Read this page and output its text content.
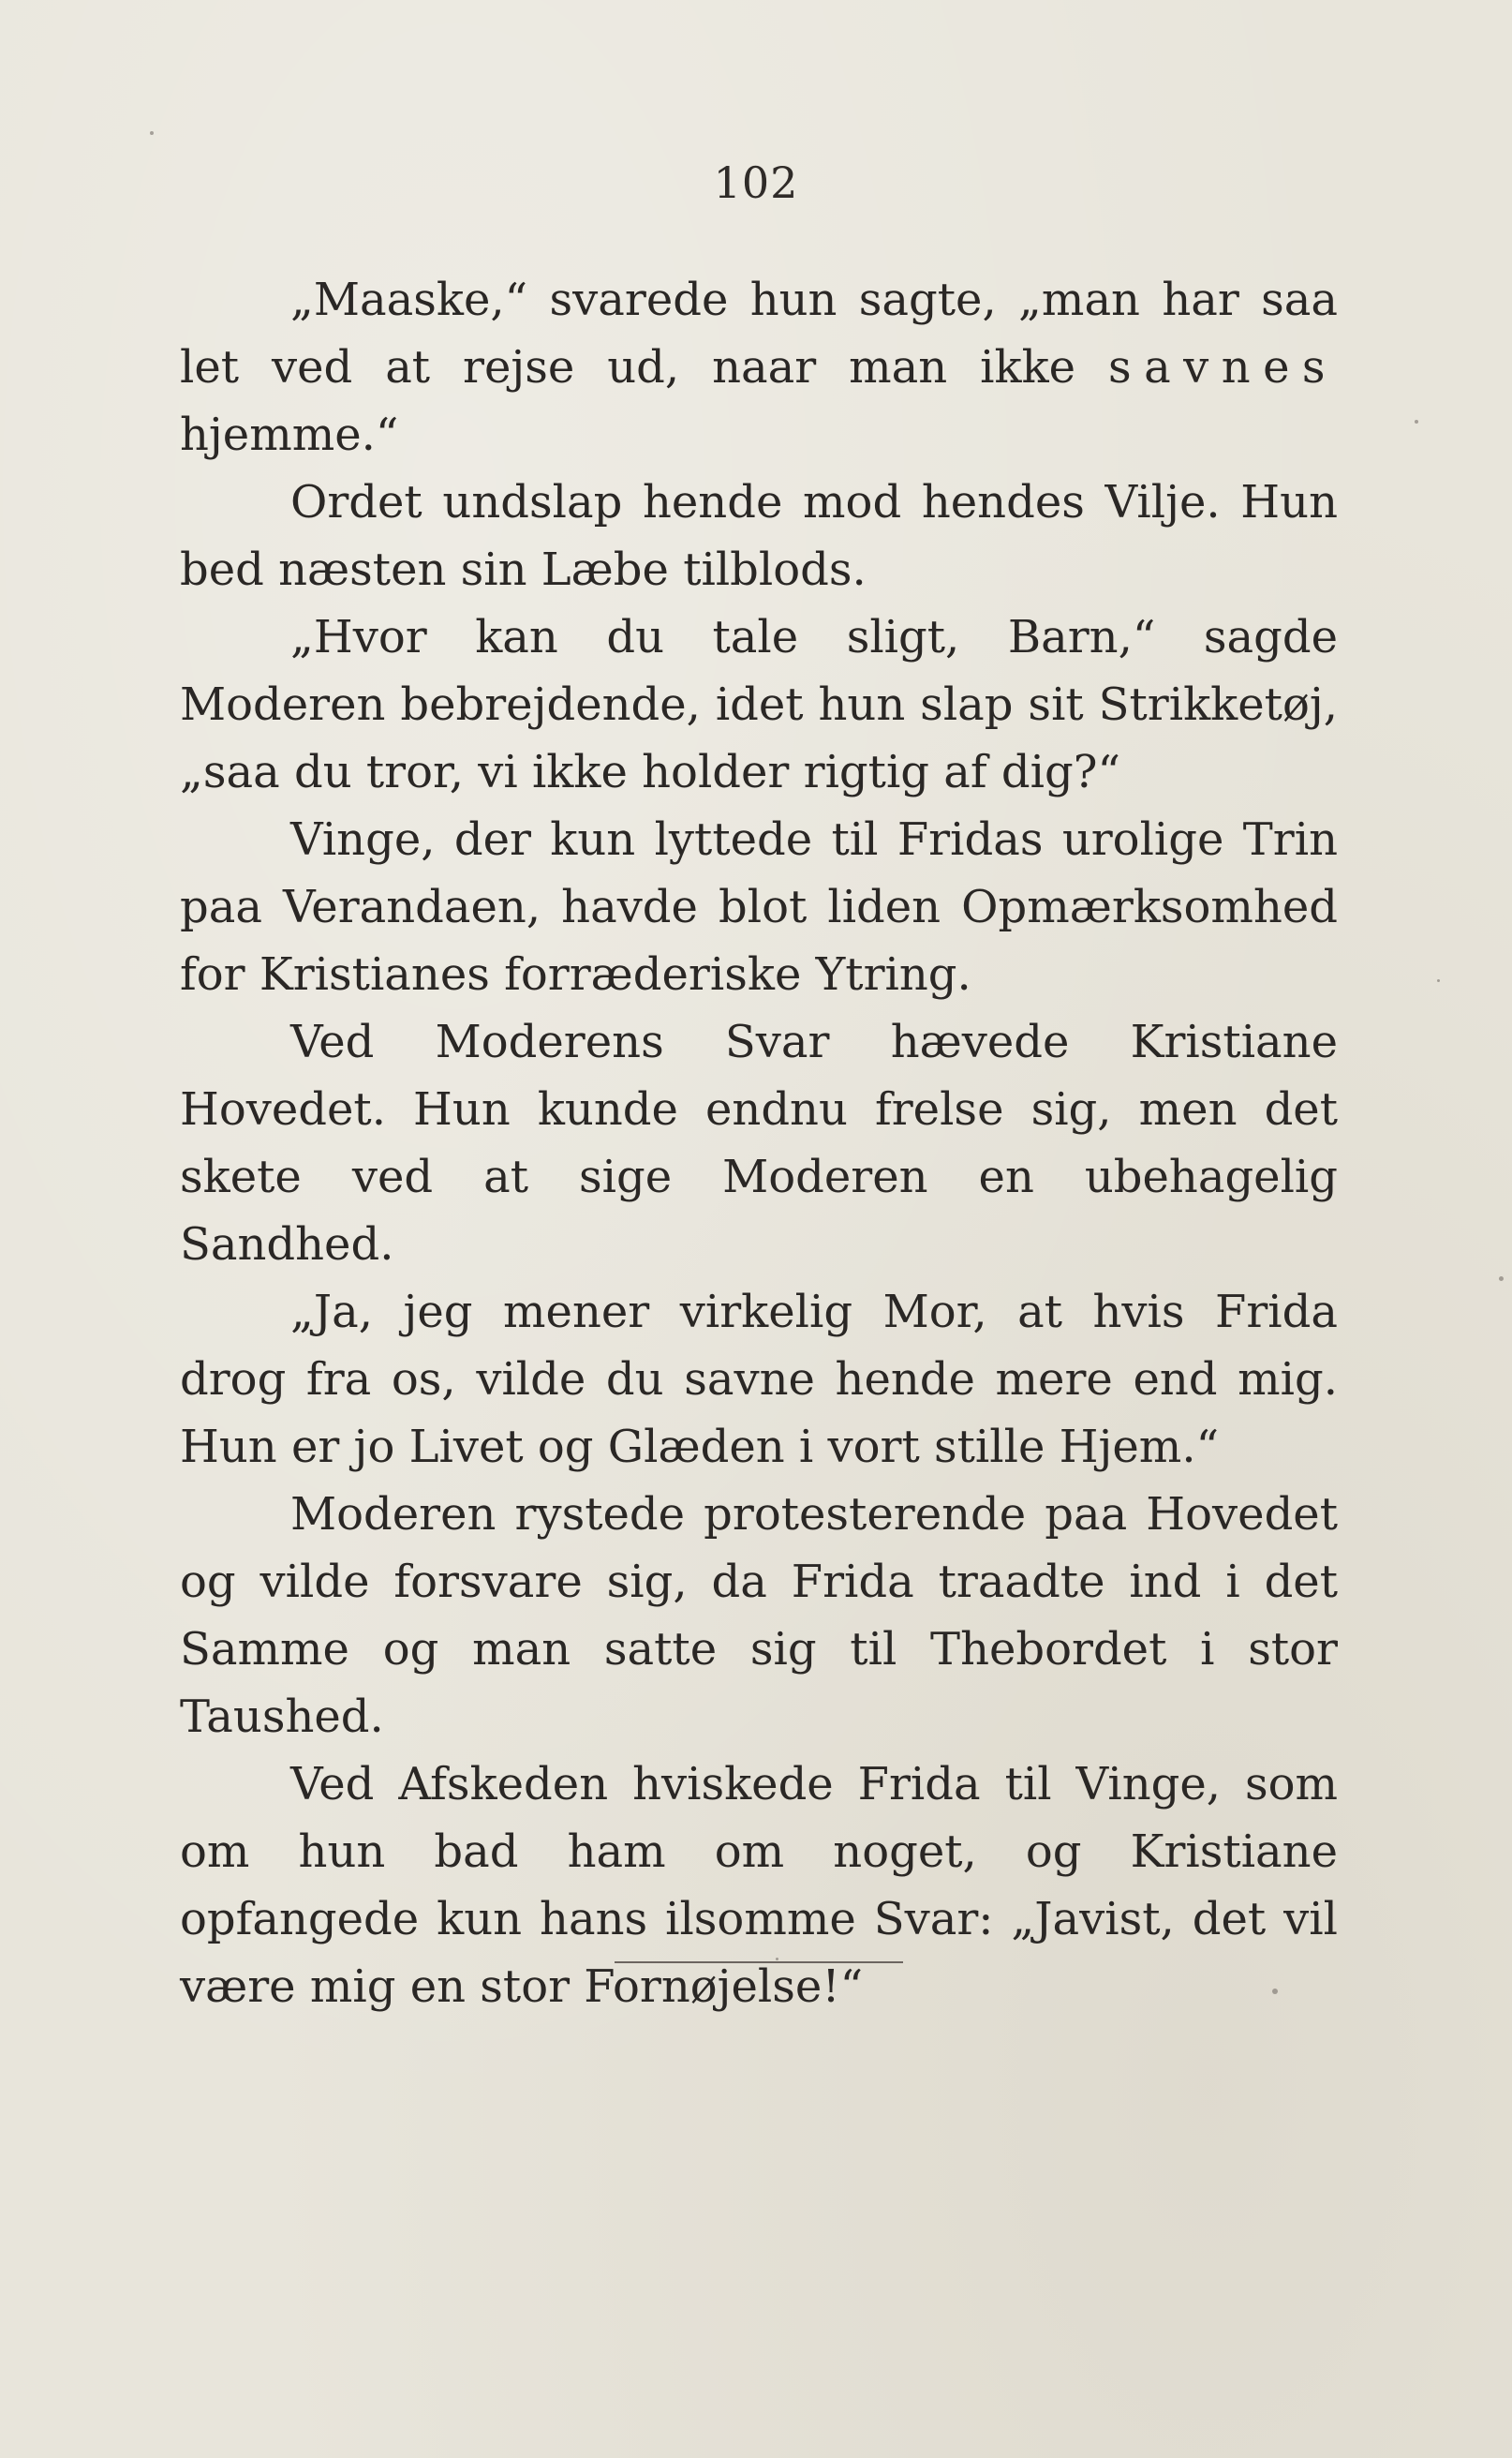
102

„Maaske,“ svarede hun sagte, „man har saa let ved at rejse ud, naar man ikke savnes hjemme.“

Ordet undslap hende mod hendes Vilje. Hun bed næsten sin Læbe tilblods.

„Hvor kan du tale sligt, Barn,“ sagde Moderen bebrejdende, idet hun slap sit Strikketøj, „saa du tror, vi ikke holder rigtig af dig?“

Vinge, der kun lyttede til Fridas urolige Trin paa Verandaen, havde blot liden Opmærksomhed for Kristianes forræderiske Ytring.

Ved Moderens Svar hævede Kristiane Hovedet. Hun kunde endnu frelse sig, men det skete ved at sige Moderen en ubehagelig Sandhed.

„Ja, jeg mener virkelig Mor, at hvis Frida drog fra os, vilde du savne hende mere end mig. Hun er jo Livet og Glæden i vort stille Hjem.“

Moderen rystede protesterende paa Hovedet og vilde forsvare sig, da Frida traadte ind i det Samme og man satte sig til Thebordet i stor Taushed.

Ved Afskeden hviskede Frida til Vinge, som om hun bad ham om noget, og Kristiane opfangede kun hans ilsomme Svar: „Javist, det vil være mig en stor Fornøjelse!“
